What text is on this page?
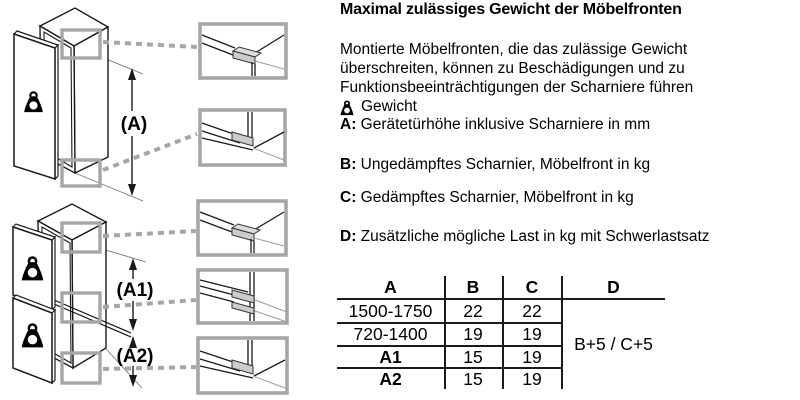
(A)
(A1)
(A2)
Maximal zulässiges Gewicht der Möbelfronten
Montierte Möbelfronten, die das zulässige Gewicht
überschreiten, können zu Beschädigungen und zu
Funktionsbeeinträchtigungen der Scharniere führen
Gewicht
A: Gerätetürhöhe inklusive Scharniere in mm
B: Ungedämpftes Scharnier, Möbelfront in kg
C: Gedämpftes Scharnier, Möbelfront in kg
D: Zusätzliche mögliche Last in kg mit Schwerlastsatz
A	B	C	D
1500-1750	22	22
720-1400	19	19
A1	15	19
A2	15	19
B+5 / C+5
